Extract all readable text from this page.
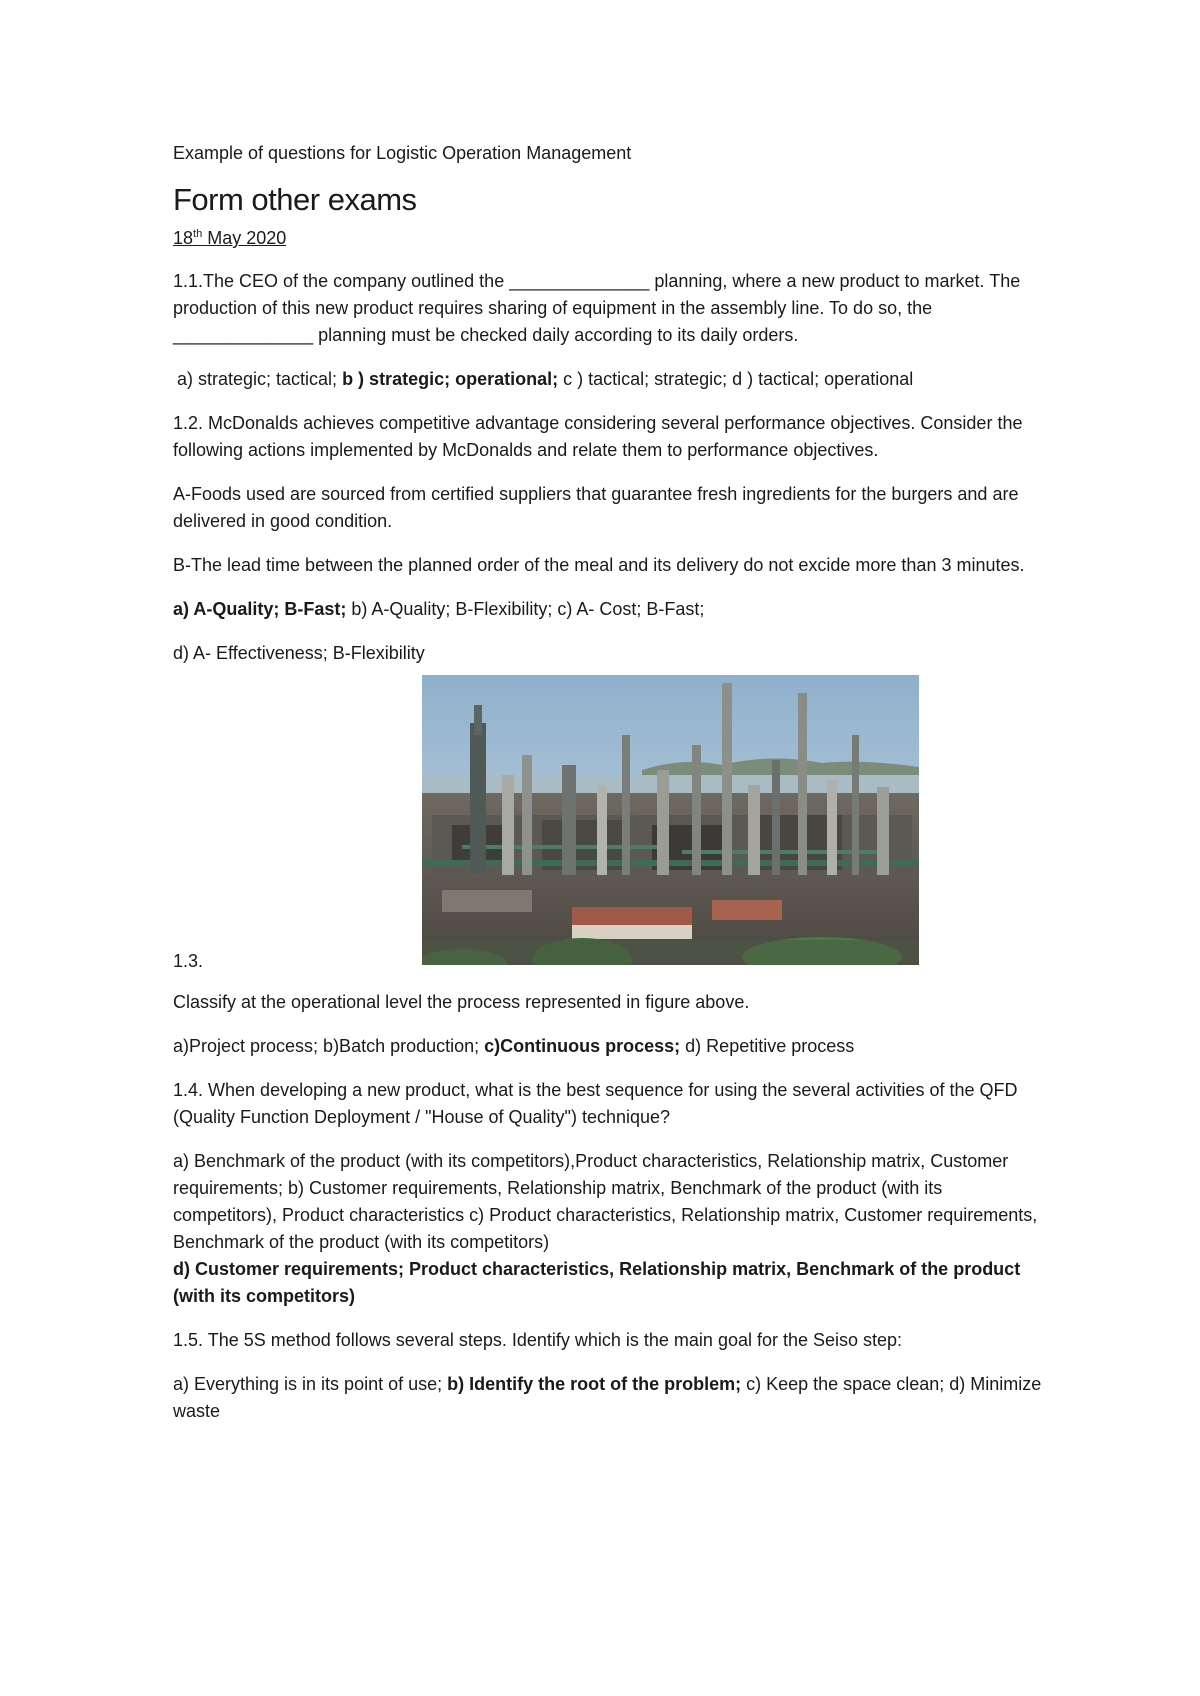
Example of questions for Logistic Operation Management

Form other exams

18th May 2020

1.1.The CEO of the company outlined the ______________ planning, where a new product to market. The production of this new product requires sharing of equipment in the assembly line. To do so, the ______________ planning must be checked daily according to its daily orders.

a) strategic; tactical; b ) strategic; operational; c ) tactical; strategic; d ) tactical; operational

1.2. McDonalds achieves competitive advantage considering several performance objectives. Consider the following actions implemented by McDonalds and relate them to performance objectives.

A-Foods used are sourced from certified suppliers that guarantee fresh ingredients for the burgers and are delivered in good condition.

B-The lead time between the planned order of the meal and its delivery do not excide more than 3 minutes.

a) A-Quality; B-Fast; b) A-Quality; B-Flexibility; c) A- Cost; B-Fast;

d) A- Effectiveness; B-Flexibility

1.3.

Classify at the operational level the process represented in figure above.

a)Project process; b)Batch production; c)Continuous process; d) Repetitive process

1.4. When developing a new product, what is the best sequence for using the several activities of the QFD (Quality Function Deployment / "House of Quality") technique?

a) Benchmark of the product (with its competitors),Product characteristics, Relationship matrix, Customer requirements; b) Customer requirements, Relationship matrix, Benchmark of the product (with its competitors), Product characteristics c) Product characteristics, Relationship matrix, Customer requirements, Benchmark of the product (with its competitors)
d) Customer requirements; Product characteristics, Relationship matrix, Benchmark of the product (with its competitors)

1.5. The 5S method follows several steps. Identify which is the main goal for the Seiso step:

a) Everything is in its point of use; b) Identify the root of the problem; c) Keep the space clean; d) Minimize waste
